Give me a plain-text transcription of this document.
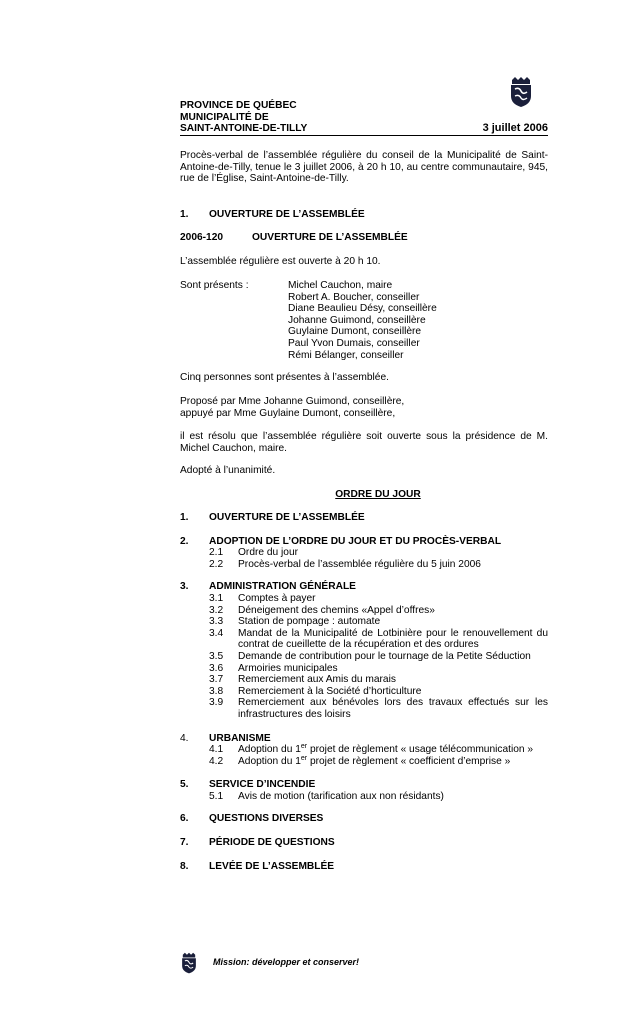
PROVINCE DE QUÉBEC
MUNICIPALITÉ DE
SAINT-ANTOINE-DE-TILLY	3 juillet 2006
Procès-verbal de l’assemblée régulière du conseil de la Municipalité de Saint-Antoine-de-Tilly, tenue le 3 juillet 2006, à 20 h 10, au centre communautaire, 945, rue de l’Église, Saint-Antoine-de-Tilly.
1.	OUVERTURE DE L’ASSEMBLÉE
2006-120	OUVERTURE DE L’ASSEMBLÉE
L’assemblée régulière est ouverte à 20 h 10.
Sont présents :	Michel Cauchon, maire
Robert A. Boucher, conseiller
Diane Beaulieu Désy, conseillère
Johanne Guimond, conseillère
Guylaine Dumont, conseillère
Paul Yvon Dumais, conseiller
Rémi Bélanger, conseiller
Cinq personnes sont présentes à l’assemblée.
Proposé par Mme Johanne Guimond, conseillère,
appuyé par Mme Guylaine Dumont, conseillère,
il est résolu que l’assemblée régulière soit ouverte sous la présidence de M. Michel Cauchon, maire.
Adopté à l’unanimité.
ORDRE DU JOUR
1.	OUVERTURE DE L’ASSEMBLÉE
2.	ADOPTION DE L’ORDRE DU JOUR ET DU PROCÈS-VERBAL
2.1	Ordre du jour
2.2	Procès-verbal de l’assemblée régulière du 5 juin 2006
3.	ADMINISTRATION GÉNÉRALE
3.1	Comptes à payer
3.2	Déneigement des chemins «Appel d’offres»
3.3	Station de pompage : automate
3.4	Mandat de la Municipalité de Lotbinière pour le renouvellement du contrat de cueillette de la récupération et des ordures
3.5	Demande de contribution pour le tournage de la Petite Séduction
3.6	Armoiries municipales
3.7	Remerciement aux Amis du marais
3.8	Remerciement à la Société d’horticulture
3.9	Remerciement aux bénévoles lors des travaux effectués sur les infrastructures des loisirs
4.	URBANISME
4.1	Adoption du 1er projet de règlement « usage télécommunication »
4.2	Adoption du 1er projet de règlement « coefficient d’emprise »
5.	SERVICE D’INCENDIE
5.1	Avis de motion (tarification aux non résidants)
6.	QUESTIONS DIVERSES
7.	PÉRIODE DE QUESTIONS
8.	LEVÉE DE L’ASSEMBLÉE
Mission: développer et conserver!
